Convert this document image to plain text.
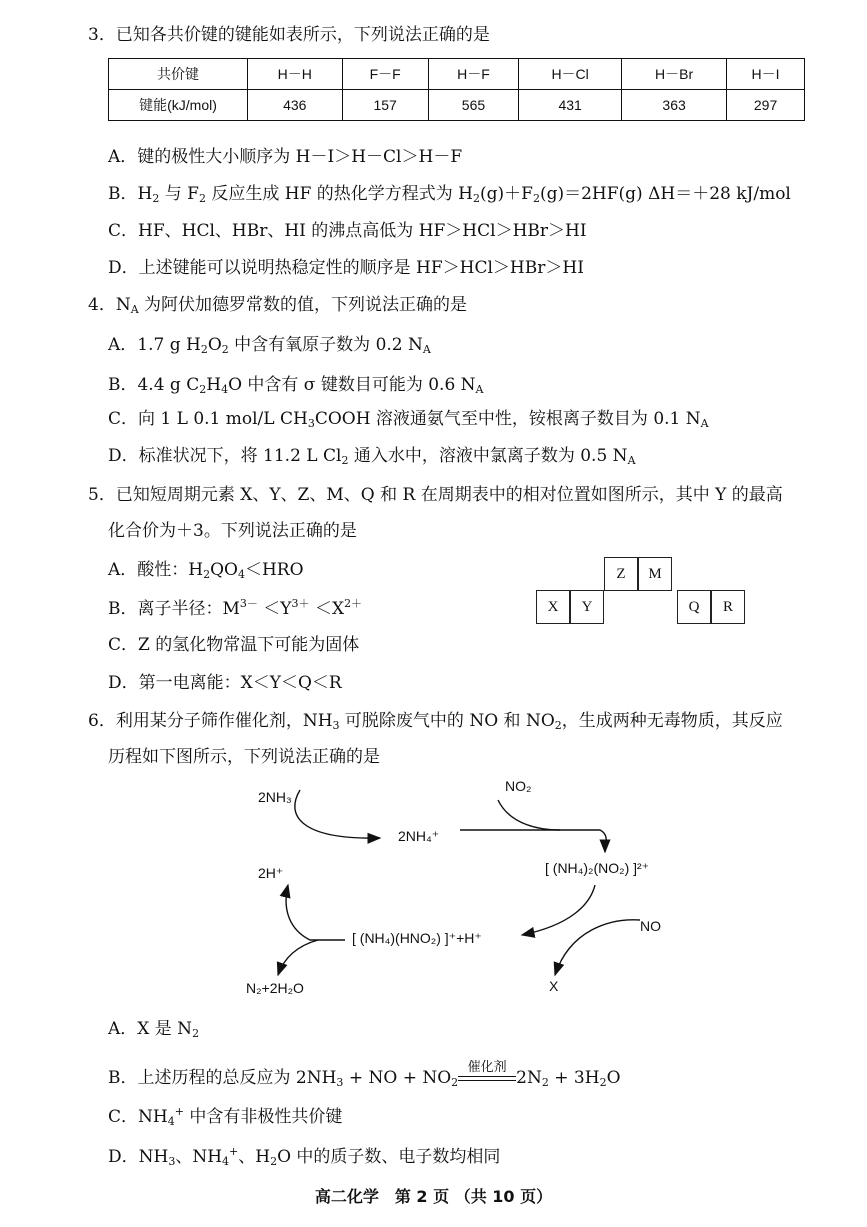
3．已知各共价键的键能如表所示，下列说法正确的是
共价键	H－H	F－F	H－F	H－Cl	H－Br	H－I
键能(kJ/mol)	436	157	565	431	363	297
A．键的极性大小顺序为 H－I＞H－Cl＞H－F
B．$H_2$ 与 $F_2$ 反应生成 HF 的热化学方程式为 $H_2(g)+F_2(g)=2HF(g)$ ΔH＝＋28 kJ/mol
C．HF、HCl、HBr、HI 的沸点高低为 HF＞HCl＞HBr＞HI
D．上述键能可以说明热稳定性的顺序是 HF＞HCl＞HBr＞HI
4．$N_A$ 为阿伏加德罗常数的值，下列说法正确的是
A．1.7 g $H_2O_2$ 中含有氧原子数为 0.2 $N_A$
B．4.4 g $C_2H_4O$ 中含有 σ 键数目可能为 0.6 $N_A$
C．向 1 L 0.1 mol/L $CH_3COOH$ 溶液通氨气至中性，铵根离子数目为 0.1 $N_A$
D．标准状况下，将 11.2 L $Cl_2$ 通入水中，溶液中氯离子数为 0.5 $N_A$
5．已知短周期元素 X、Y、Z、M、Q 和 R 在周期表中的相对位置如图所示，其中 Y 的最高
化合价为＋3。下列说法正确的是
A．酸性：$H_2QO_4<HRO$
B．离子半径：$M^{3-} <Y^{3+} <X^{2+}$
C．Z 的氢化物常温下可能为固体
D．第一电离能：X＜Y＜Q＜R
Z	M
X	Y	Q	R
6．利用某分子筛作催化剂，$NH_3$ 可脱除废气中的 NO 和 $NO_2$，生成两种无毒物质，其反应
历程如下图所示，下列说法正确的是
2NH₃
2NH₄⁺
NO₂
[ (NH₄)₂(NO₂) ]²⁺
NO
X
[ (NH₄)(HNO₂) ]⁺+H⁺
2H⁺
N₂+2H₂O
A．X 是 $N_2$
B．上述历程的总反应为 $2NH_3$ + NO + $NO_2$催化剂
$2N_2 + 3H_2O$
C．$NH_4^+$ 中含有非极性共价键
D．$NH_3$、$NH_4^+$、$H_2O$ 中的质子数、电子数均相同
高二化学　第 2 页 （共 10 页）
